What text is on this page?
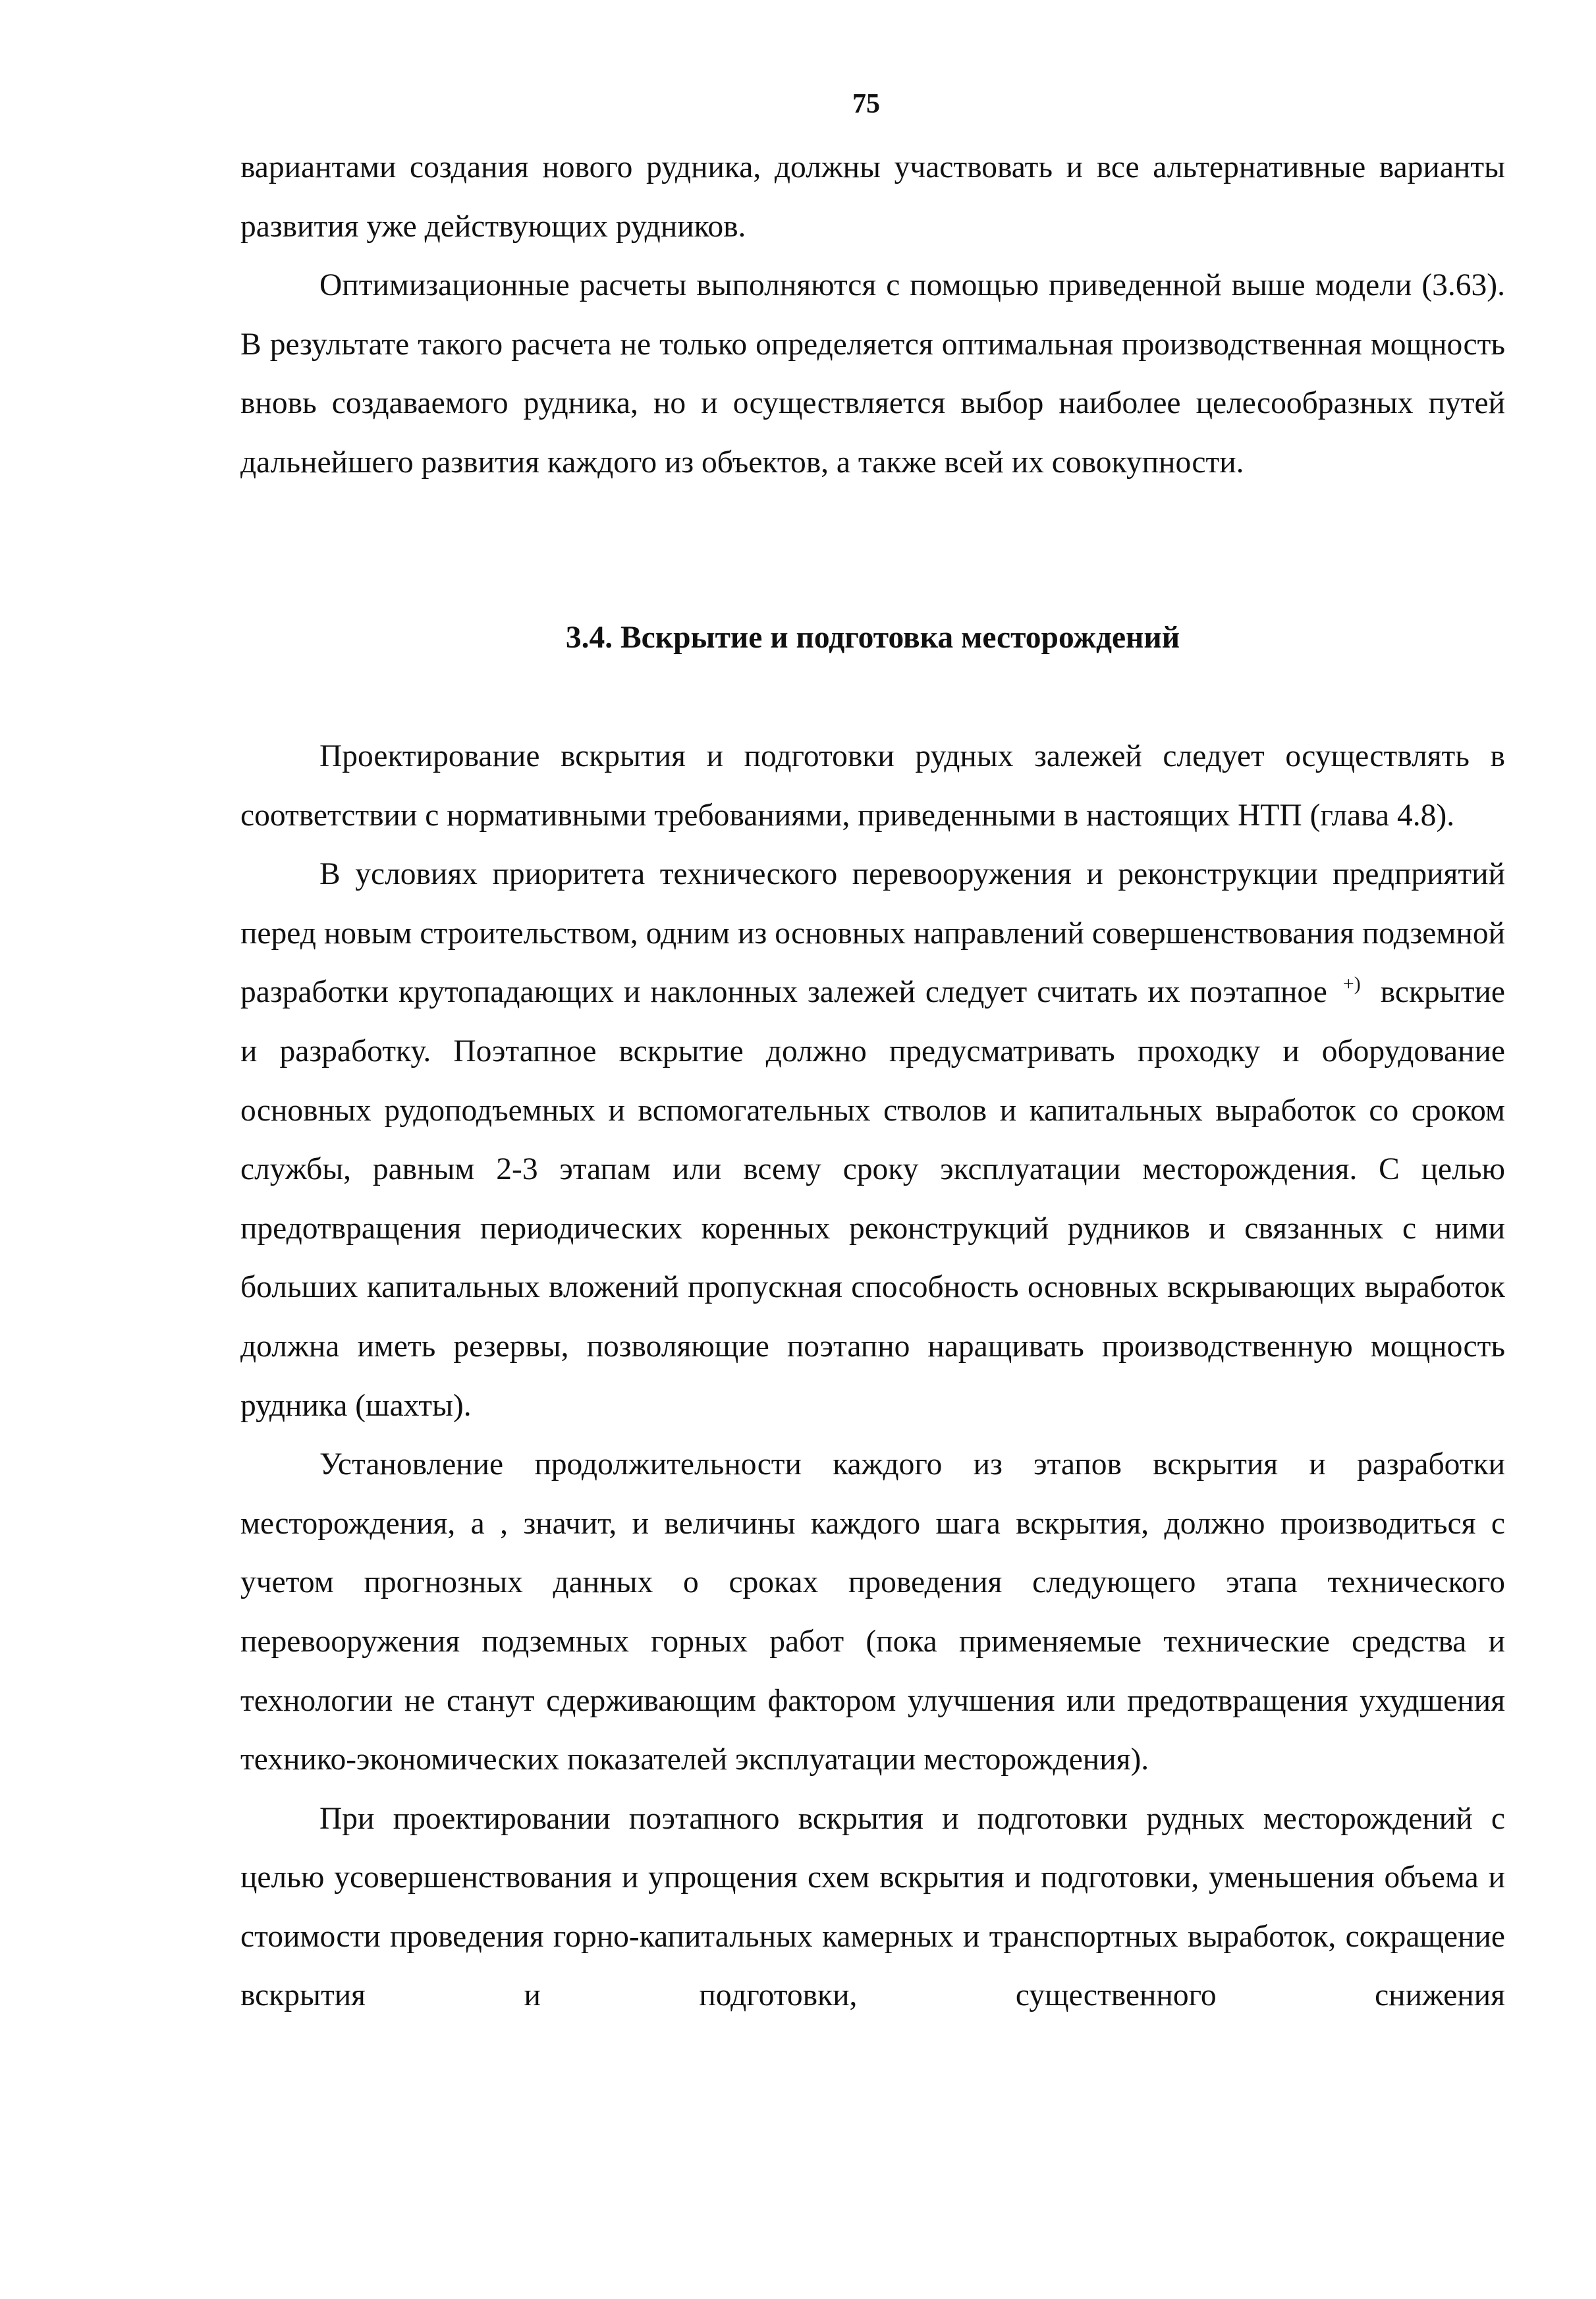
75

вариантами создания нового рудника, должны участвовать и все альтернативные варианты развития уже действующих рудников.

Оптимизационные расчеты выполняются с помощью приведенной выше модели (3.63). В результате такого расчета не только определяется оптимальная производственная мощность вновь создаваемого рудника, но и осуществляется выбор наиболее целесообразных путей дальнейшего развития каждого из объектов, а также всей их совокупности.

3.4. Вскрытие и подготовка месторождений

Проектирование вскрытия и подготовки рудных залежей следует осуществлять в соответствии с нормативными требованиями, приведенными в настоящих НТП (глава 4.8).

В условиях приоритета технического перевооружения и реконструкции предприятий перед новым строительством, одним из основных направлений совершенствования подземной разработки крутопадающих и наклонных залежей следует считать их поэтапное +) вскрытие и разработку. Поэтапное вскрытие должно предусматривать проходку и оборудование основных рудоподъемных и вспомогательных стволов и капитальных выработок со сроком службы, равным 2-3 этапам или всему сроку эксплуатации месторождения. С целью предотвращения периодических коренных реконструкций рудников и связанных с ними больших капитальных вложений пропускная способность основных вскрывающих выработок должна иметь резервы, позволяющие поэтапно наращивать производственную мощность рудника (шахты).

Установление продолжительности каждого из этапов вскрытия и разработки месторождения, а , значит, и величины каждого шага вскрытия, должно производиться с учетом прогнозных данных о сроках проведения следующего этапа технического перевооружения подземных горных работ (пока применяемые технические средства и технологии не станут сдерживающим фактором улучшения или предотвращения ухудшения технико-экономических показателей эксплуатации месторождения).

При проектировании поэтапного вскрытия и подготовки рудных месторождений с целью усовершенствования и упрощения схем вскрытия и подготовки, уменьшения объема и стоимости проведения горно-капитальных камерных и транспортных выработок, сокращение вскрытия и подготовки, существенного снижения
